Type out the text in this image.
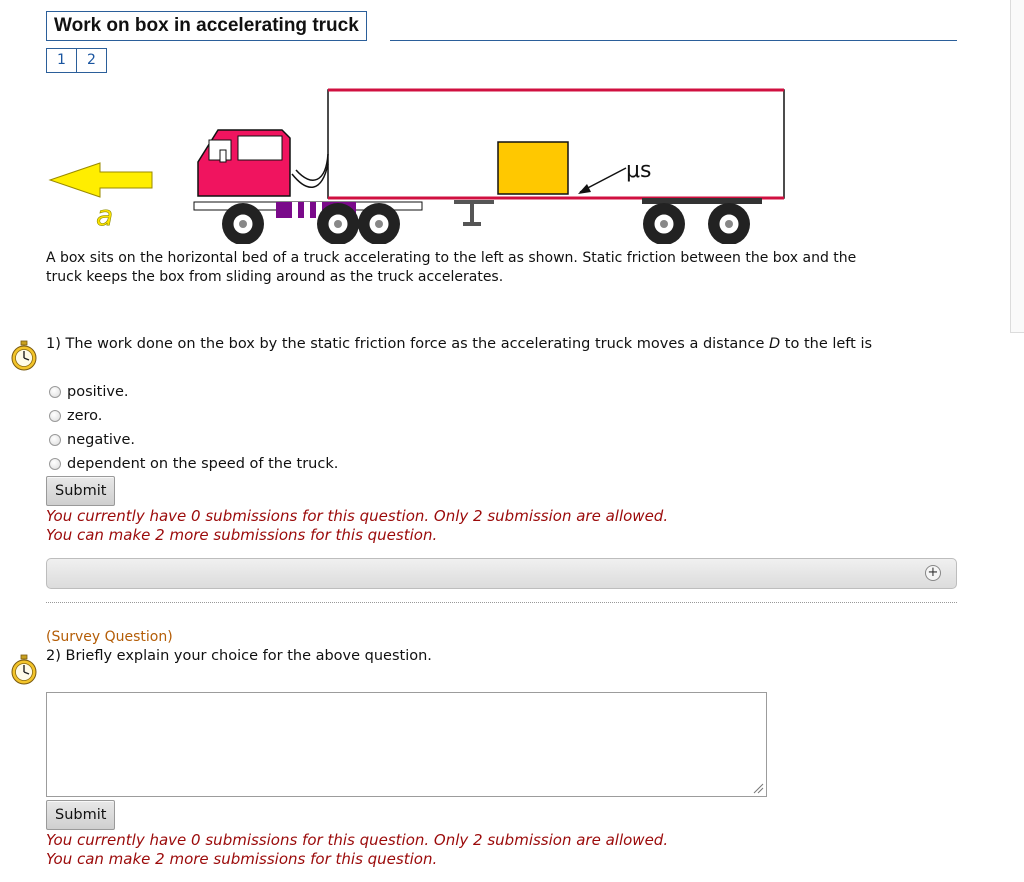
Work on box in accelerating truck
1	2
a
μs
A box sits on the horizontal bed of a truck accelerating to the left as shown. Static friction between the box and the
truck keeps the box from sliding around as the truck accelerates.
1) The work done on the box by the static friction force as the accelerating truck moves a distance D to the left is
positive.
zero.
negative.
dependent on the speed of the truck.
Submit
You currently have 0 submissions for this question. Only 2 submission are allowed.
You can make 2 more submissions for this question.
+
(Survey Question)
2) Briefly explain your choice for the above question.
Submit
You currently have 0 submissions for this question. Only 2 submission are allowed.
You can make 2 more submissions for this question.
